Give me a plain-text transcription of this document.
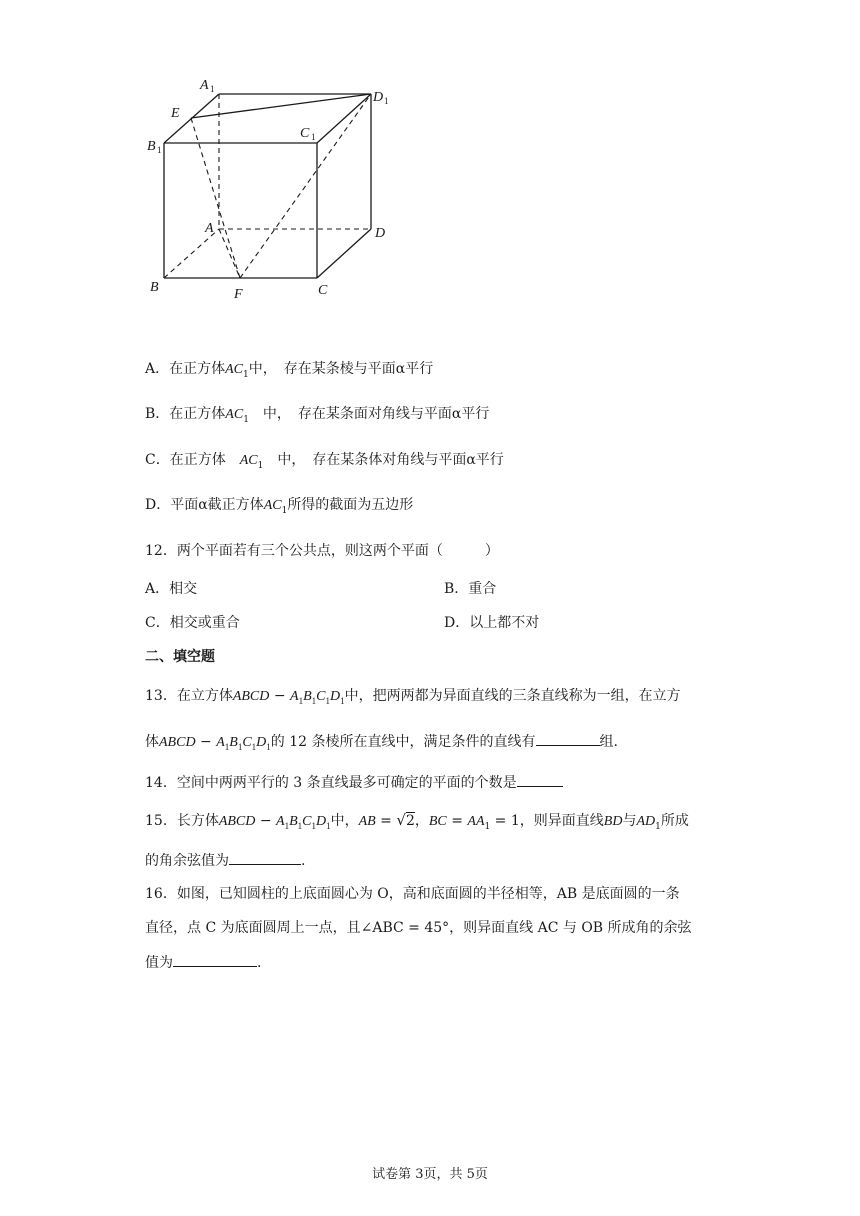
A 1
D 1
E
B 1
C 1
A	D
B	F	C
A．在正方体$AC_1$中，　存在某条棱与平面α平行
B．在正方体$AC_1$　中，　存在某条面对角线与平面α平行
C．在正方体　$AC_1$　中，　存在某条体对角线与平面α平行
D．平面α截正方体$AC_1$所得的截面为五边形
12．两个平面若有三个公共点，则这两个平面（　　　）
A．相交	B．重合
C．相交或重合	D．以上都不对
二、填空题
13．在立方体ABCD − $A_1B_1C_1D_1$中，把两两都为异面直线的三条直线称为一组，在立方
体ABCD − $A_1B_1C_1D_1$的 12 条棱所在直线中，满足条件的直线有	组.
14．空间中两两平行的 3 条直线最多可确定的平面的个数是
15．长方体ABCD − $A_1B_1C_1D_1$中，AB = √2，BC = $AA_1 = 1$，则异面直线BD与$AD_1$所成
的角余弦值为	.
16．如图，已知圆柱的上底面圆心为 O，高和底面圆的半径相等，AB 是底面圆的一条
直径，点 C 为底面圆周上一点，且∠ABC = 45°，则异面直线 AC 与 OB 所成角的余弦
值为	.
试卷第 3页，共 5页
